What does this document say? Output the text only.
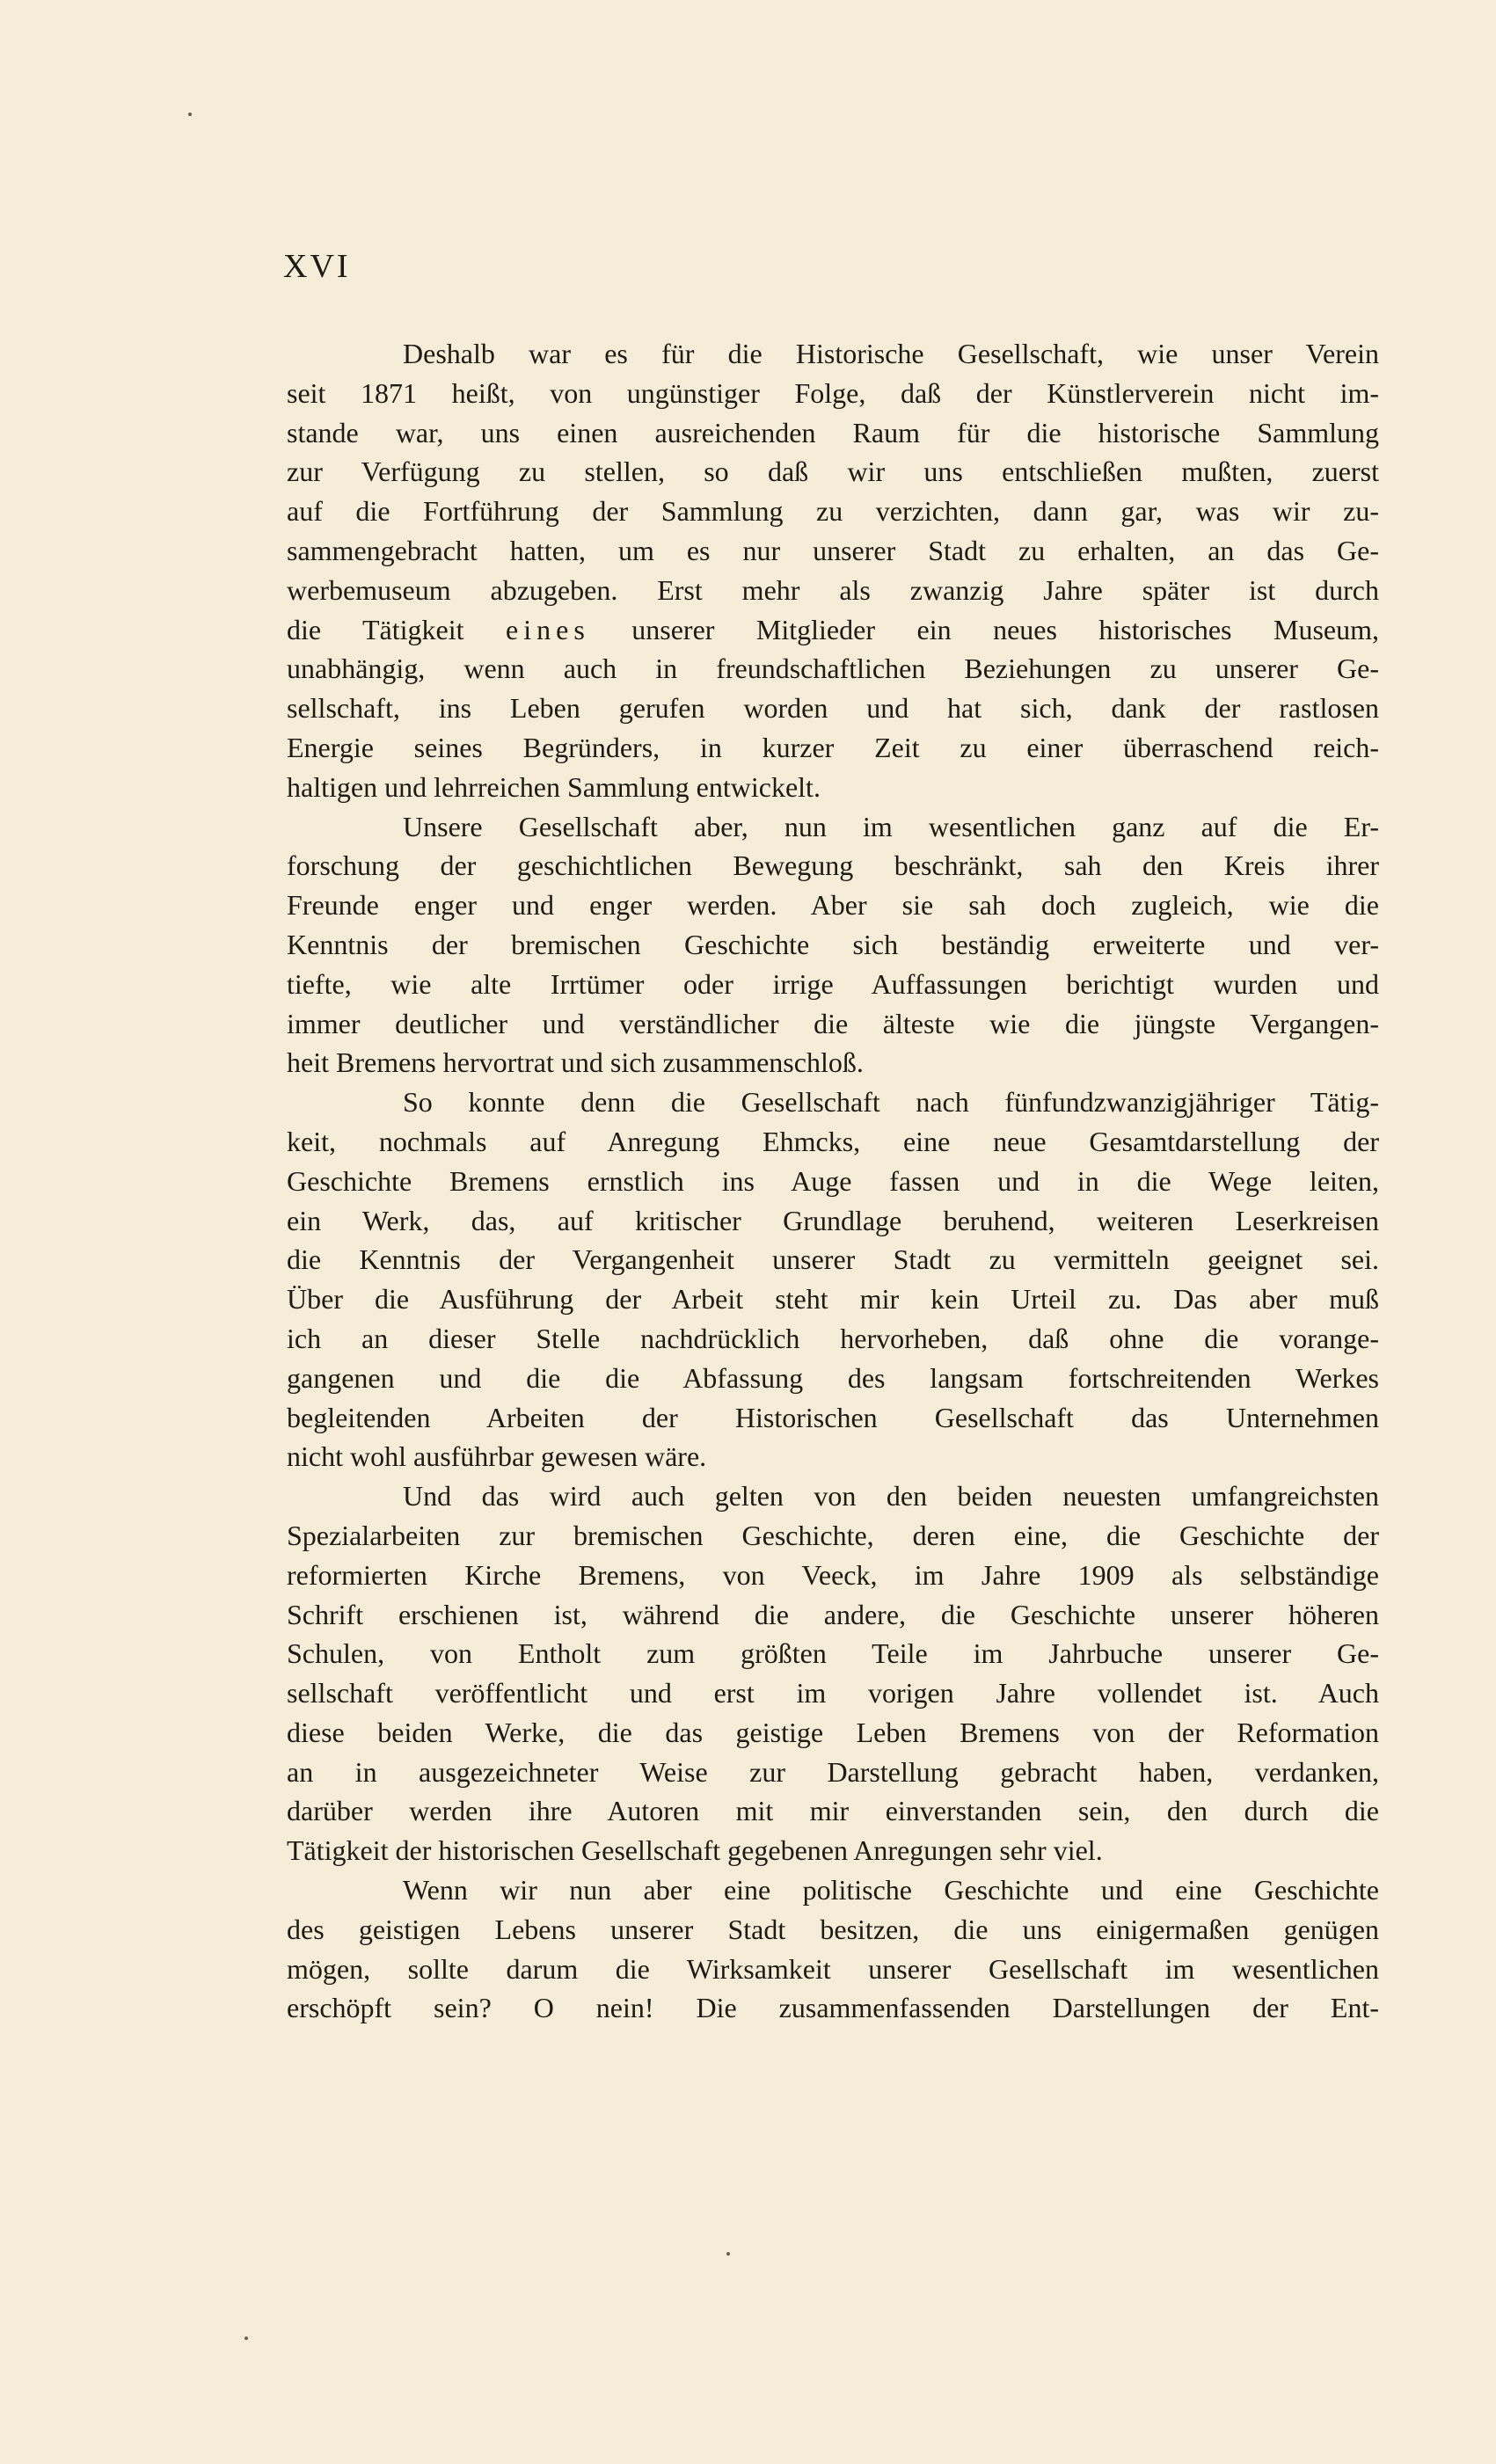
XVI
Deshalb war es für die Historische Gesellschaft, wie unser Verein
seit 1871 heißt, von ungünstiger Folge, daß der Künstlerverein nicht im-
stande war, uns einen ausreichenden Raum für die historische Sammlung
zur Verfügung zu stellen, so daß wir uns entschließen mußten, zuerst
auf die Fortführung der Sammlung zu verzichten, dann gar, was wir zu-
sammengebracht hatten, um es nur unserer Stadt zu erhalten, an das Ge-
werbemuseum abzugeben. Erst mehr als zwanzig Jahre später ist durch
die Tätigkeit eines unserer Mitglieder ein neues historisches Museum,
unabhängig, wenn auch in freundschaftlichen Beziehungen zu unserer Ge-
sellschaft, ins Leben gerufen worden und hat sich, dank der rastlosen
Energie seines Begründers, in kurzer Zeit zu einer überraschend reich-
haltigen und lehrreichen Sammlung entwickelt.
Unsere Gesellschaft aber, nun im wesentlichen ganz auf die Er-
forschung der geschichtlichen Bewegung beschränkt, sah den Kreis ihrer
Freunde enger und enger werden. Aber sie sah doch zugleich, wie die
Kenntnis der bremischen Geschichte sich beständig erweiterte und ver-
tiefte, wie alte Irrtümer oder irrige Auffassungen berichtigt wurden und
immer deutlicher und verständlicher die älteste wie die jüngste Vergangen-
heit Bremens hervortrat und sich zusammenschloß.
So konnte denn die Gesellschaft nach fünfundzwanzigjähriger Tätig-
keit, nochmals auf Anregung Ehmcks, eine neue Gesamtdarstellung der
Geschichte Bremens ernstlich ins Auge fassen und in die Wege leiten,
ein Werk, das, auf kritischer Grundlage beruhend, weiteren Leserkreisen
die Kenntnis der Vergangenheit unserer Stadt zu vermitteln geeignet sei.
Über die Ausführung der Arbeit steht mir kein Urteil zu. Das aber muß
ich an dieser Stelle nachdrücklich hervorheben, daß ohne die vorange-
gangenen und die die Abfassung des langsam fortschreitenden Werkes
begleitenden Arbeiten der Historischen Gesellschaft das Unternehmen
nicht wohl ausführbar gewesen wäre.
Und das wird auch gelten von den beiden neuesten umfangreichsten
Spezialarbeiten zur bremischen Geschichte, deren eine, die Geschichte der
reformierten Kirche Bremens, von Veeck, im Jahre 1909 als selbständige
Schrift erschienen ist, während die andere, die Geschichte unserer höheren
Schulen, von Entholt zum größten Teile im Jahrbuche unserer Ge-
sellschaft veröffentlicht und erst im vorigen Jahre vollendet ist. Auch
diese beiden Werke, die das geistige Leben Bremens von der Reformation
an in ausgezeichneter Weise zur Darstellung gebracht haben, verdanken,
darüber werden ihre Autoren mit mir einverstanden sein, den durch die
Tätigkeit der historischen Gesellschaft gegebenen Anregungen sehr viel.
Wenn wir nun aber eine politische Geschichte und eine Geschichte
des geistigen Lebens unserer Stadt besitzen, die uns einigermaßen genügen
mögen, sollte darum die Wirksamkeit unserer Gesellschaft im wesentlichen
erschöpft sein? O nein! Die zusammenfassenden Darstellungen der Ent-
